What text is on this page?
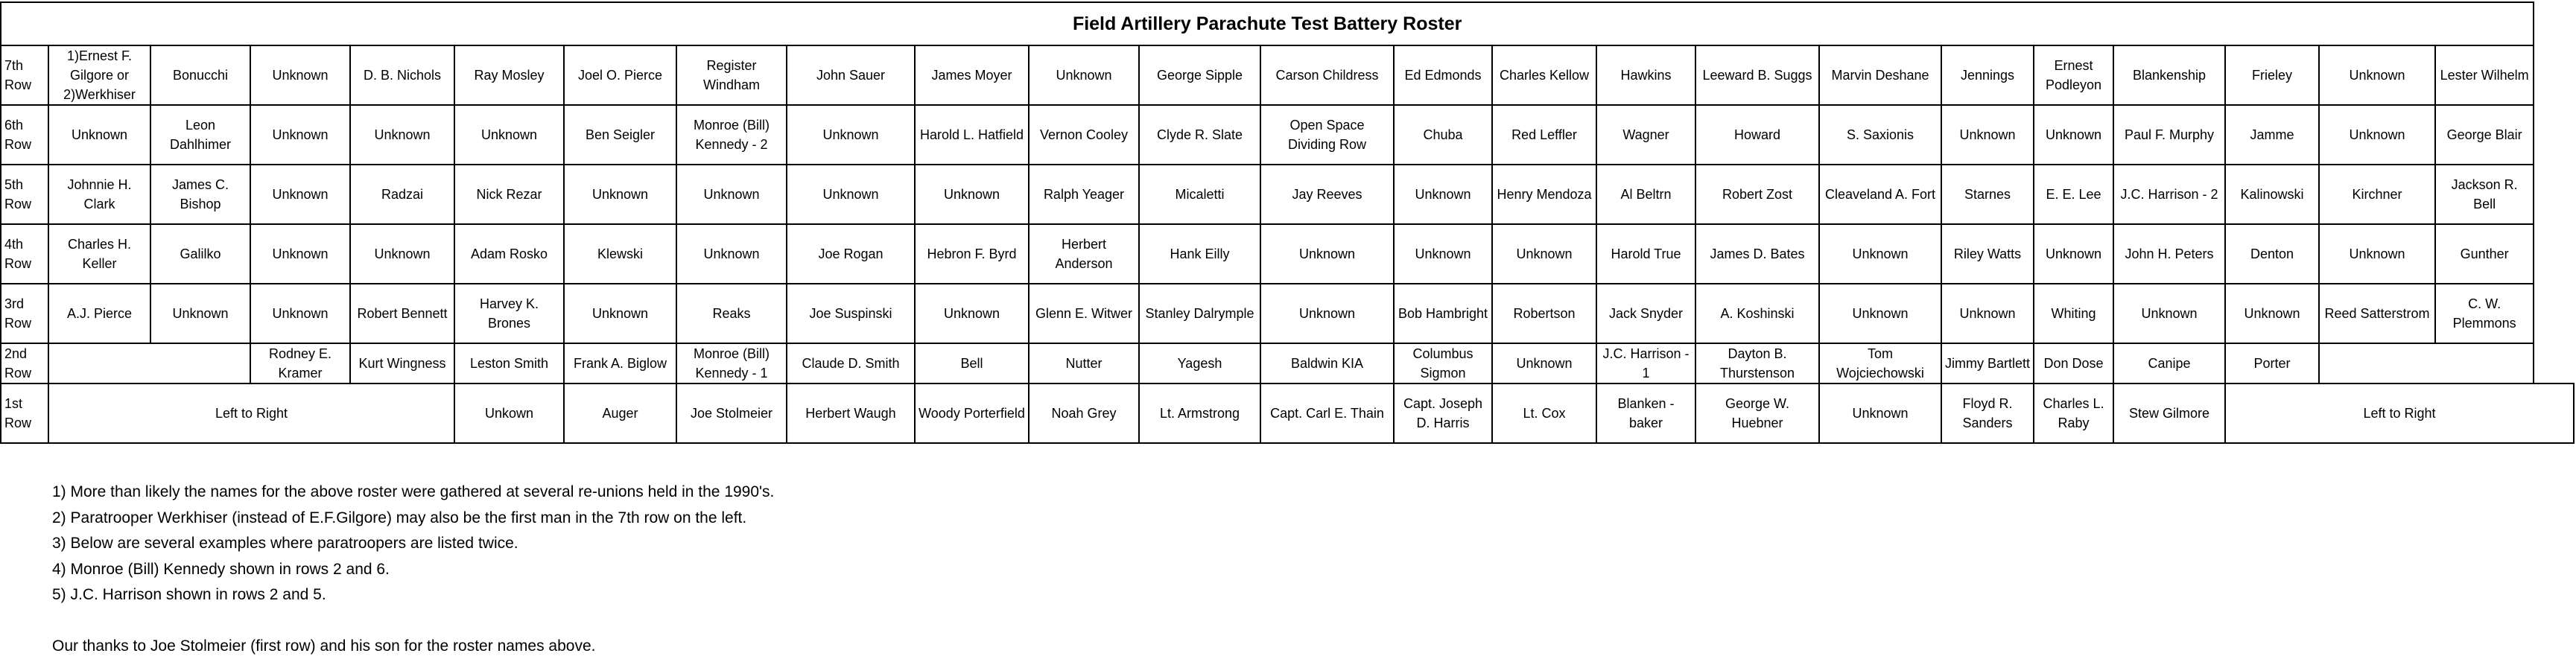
Field Artillery Parachute Test Battery Roster																							
7th Row	1)Ernest F. Gilgore or 2)Werkhiser	Bonucchi	Unknown	D. B. Nichols	Ray Mosley	Joel O. Pierce	Register Windham	John Sauer	James Moyer	Unknown	George Sipple	Carson Childress	Ed Edmonds	Charles Kellow	Hawkins	Leeward B. Suggs	Marvin Deshane	Jennings	Ernest Podleyon	Blankenship	Frieley	Unknown	Lester Wilhelm
6th Row	Unknown	Leon Dahlhimer	Unknown	Unknown	Unknown	Ben Seigler	Monroe (Bill) Kennedy - 2	Unknown	Harold L. Hatfield	Vernon Cooley	Clyde R. Slate	Open Space Dividing Row	Chuba	Red Leffler	Wagner	Howard	S. Saxionis	Unknown	Unknown	Paul F. Murphy	Jamme	Unknown	George Blair
5th Row	Johnnie H. Clark	James C. Bishop	Unknown	Radzai	Nick Rezar	Unknown	Unknown	Unknown	Unknown	Ralph Yeager	Micaletti	Jay Reeves	Unknown	Henry Mendoza	Al Beltrn	Robert Zost	Cleaveland A. Fort	Starnes	E. E. Lee	J.C. Harrison - 2	Kalinowski	Kirchner	Jackson R. Bell
4th Row	Charles H. Keller	Galilko	Unknown	Unknown	Adam Rosko	Klewski	Unknown	Joe Rogan	Hebron F. Byrd	Herbert Anderson	Hank Eilly	Unknown	Unknown	Unknown	Harold True	James D. Bates	Unknown	Riley Watts	Unknown	John H. Peters	Denton	Unknown	Gunther
3rd Row	A.J. Pierce	Unknown	Unknown	Robert Bennett	Harvey K. Brones	Unknown	Reaks	Joe Suspinski	Unknown	Glenn E. Witwer	Stanley Dalrymple	Unknown	Bob Hambright	Robertson	Jack Snyder	A. Koshinski	Unknown	Unknown	Whiting	Unknown	Unknown	Reed Satterstrom	C. W. Plemmons
2nd Row			Rodney E. Kramer	Kurt Wingness	Leston Smith	Frank A. Biglow	Monroe (Bill) Kennedy - 1	Claude D. Smith	Bell	Nutter	Yagesh	Baldwin KIA	Columbus Sigmon	Unknown	J.C. Harrison - 1	Dayton B. Thurstenson	Tom Wojciechowski	Jimmy Bartlett	Don Dose	Canipe	Porter		
1st Row	Left to Right				Unkown	Auger	Joe Stolmeier	Herbert Waugh	Woody Porterfield	Noah Grey	Lt. Armstrong	Capt. Carl E. Thain	Capt. Joseph D. Harris	Lt. Cox	Blanken - baker	George W. Huebner	Unknown	Floyd R. Sanders	Charles L. Raby	Stew Gilmore	Left to Right		

1) More than likely the names for the above roster were gathered at several re-unions held in the 1990's.

2) Paratrooper Werkhiser (instead of E.F.Gilgore) may also be the first man in the 7th row on the left.

3) Below are several examples where paratroopers are listed twice.

4) Monroe (Bill) Kennedy shown in rows 2 and 6.

5) J.C. Harrison shown in rows 2 and 5.

Our thanks to Joe Stolmeier (first row) and his son for the roster names above.
